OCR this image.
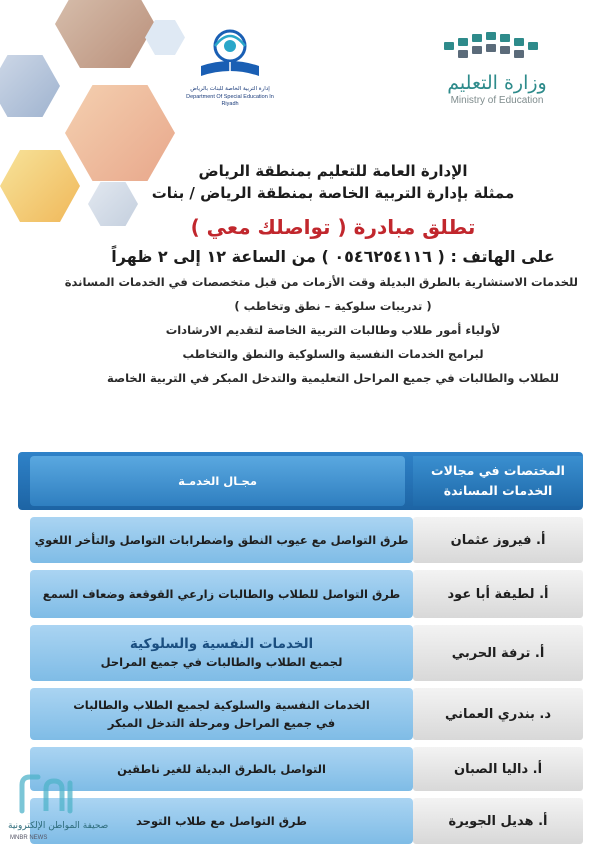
إدارة التربية الخاصة للبنات بالرياض
Department Of Special Education In Riyadh
وزارة التعليم
Ministry of Education
الإدارة العامة للتعليم بمنطقة الرياض
ممثلة بإدارة التربية الخاصة بمنطقة الرياض / بنات
تطلق مبادرة ( تواصلك معي )
على الهاتف : ( ٠٥٤٦٢٥٤١١٦ ) من الساعة ١٢ إلى ٢ ظهراً
للخدمات الاستشارية بالطرق البديلة وقت الأزمات من قبل متخصصات في الخدمات المساندة
( تدريبات سلوكية – نطق وتخاطب )
لأولياء أمور طلاب وطالبات التربية الخاصة لتقديم الارشادات
لبرامج الخدمات النفسية والسلوكية والنطق والتخاطب
للطلاب والطالبات في جميع المراحل التعليمية والتدخل المبكر في التربية الخاصة
المختصات في مجالات الخدمات المساندة
مجـال الخدمـة
أ. فيروز عثمان
طرق التواصل مع عيوب النطق واضطرابات التواصل والتأخر اللغوي
أ. لطيفة أبا عود
طرق التواصل للطلاب والطالبات زارعي القوقعة وضعاف السمع
أ. ترفة الحربي
الخدمات النفسية والسلوكية
لجميع الطلاب والطالبات في جميع المراحل
د. بندري العماني
الخدمات النفسية والسلوكية لجميع الطلاب والطالبات
في جميع المراحل ومرحلة التدخل المبكر
أ. داليا الصبان
التواصل بالطرق البديلة للغير ناطقين
أ. هديل الجويرة
طرق التواصل مع طلاب التوحد
صحيفة المواطن الإلكترونية
MNBR NEWS
